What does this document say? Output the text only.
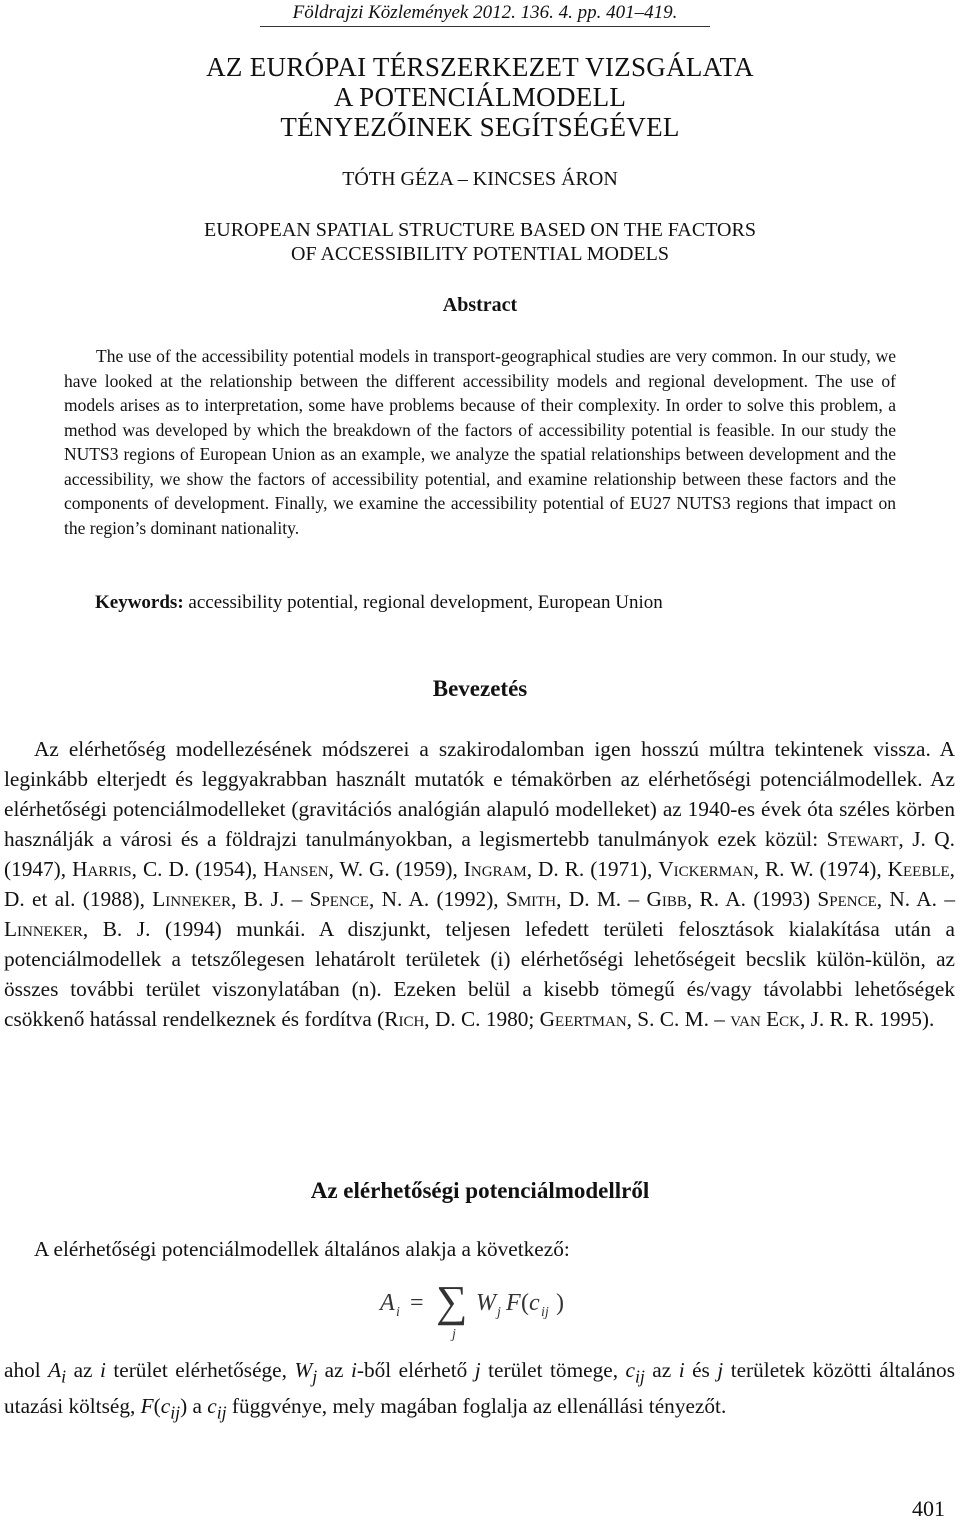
Földrajzi Közlemények 2012. 136. 4. pp. 401–419.
AZ EURÓPAI TÉRSZERKEZET VIZSGÁLATA
A POTENCIÁLMODELL
TÉNYEZŐINEK SEGÍTSÉGÉVEL
TÓTH GÉZA – KINCSES ÁRON
EUROPEAN SPATIAL STRUCTURE BASED ON THE FACTORS
OF ACCESSIBILITY POTENTIAL MODELS
Abstract

The use of the accessibility potential models in transport-geographical studies are very common. In our study, we have looked at the relationship between the different accessibility models and regional development. The use of models arises as to interpretation, some have problems because of their complexity. In order to solve this problem, a method was developed by which the breakdown of the factors of accessibility potential is feasible. In our study the NUTS3 regions of European Union as an example, we analyze the spatial relationships between development and the accessibility, we show the factors of accessibility potential, and examine relationship between these factors and the components of development. Finally, we examine the accessibility potential of EU27 NUTS3 regions that impact on the region’s dominant nationality.

Keywords: accessibility potential, regional development, European Union
Bevezetés

Az elérhetőség modellezésének módszerei a szakirodalomban igen hosszú múltra tekintenek vissza. A leginkább elterjedt és leggyakrabban használt mutatók e témakörben az elérhetőségi potenciálmodellek. Az elérhetőségi potenciálmodelleket (gravitációs analógián alapuló modelleket) az 1940-es évek óta széles körben használják a városi és a földrajzi tanulmányokban, a legismertebb tanulmányok ezek közül: Stewart, J. Q. (1947), Harris, C. D. (1954), Hansen, W. G. (1959), Ingram, D. R. (1971), Vickerman, R. W. (1974), Keeble, D. et al. (1988), Linneker, B. J. – Spence, N. A. (1992), Smith, D. M. – Gibb, R. A. (1993) Spence, N. A. – Linneker, B. J. (1994) munkái. A diszjunkt, teljesen lefedett területi felosztások kialakítása után a potenciálmodellek a tetszőlegesen lehatárolt területek (i) elérhetőségi lehetőségeit becslik külön-külön, az összes további terület viszonylatában (n). Ezeken belül a kisebb tömegű és/vagy távolabbi lehetőségek csökkenő hatással rendelkeznek és fordítva (Rich, D. C. 1980; Geertman, S. C. M. – van Eck, J. R. R. 1995).

Az elérhetőségi potenciálmodellről
A elérhetőségi potenciálmodellek általános alakja a következő:
A i = ∑
j
W j F ( c ij )

ahol $A_i$ az i terület elérhetősége, $W_j$ az i-ből elérhető j terület tömege, $c_{ij}$ az i és j területek közötti általános utazási költség, $F(c_{ij})$ a $c_{ij}$ függvénye, mely magában foglalja az ellenállási tényezőt.

401
